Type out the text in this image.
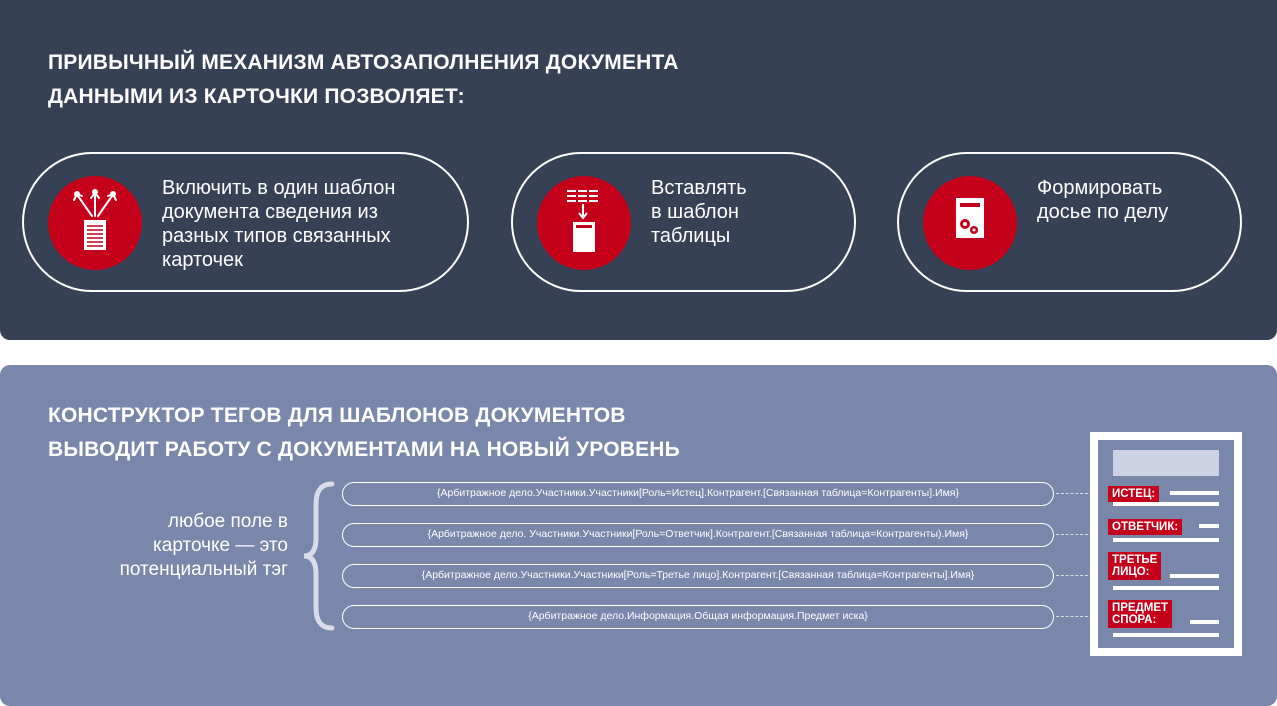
ПРИВЫЧНЫЙ МЕХАНИЗМ АВТОЗАПОЛНЕНИЯ ДОКУМЕНТА
ДАННЫМИ ИЗ КАРТОЧКИ ПОЗВОЛЯЕТ:
Включить в один шаблон
документа сведения из
разных типов связанных
карточек
Вставлять
в шаблон
таблицы
Формировать
досье по делу
КОНСТРУКТОР ТЕГОВ ДЛЯ ШАБЛОНОВ ДОКУМЕНТОВ
ВЫВОДИТ РАБОТУ С ДОКУМЕНТАМИ НА НОВЫЙ УРОВЕНЬ
любое поле в
карточке — это
потенциальный тэг
{Арбитражное дело.Участники.Участники[Роль=Истец].Контрагент.[Связанная таблица=Контрагенты].Имя}
{Арбитражное дело. Участники.Участники[Роль=Ответчик].Контрагент.[Связанная таблица=Контрагенты).Имя}
{Арбитражное дело.Участники.Участники[Роль=Третье лицо].Контрагент.[Связанная таблица=Контрагенты].Имя}
{Арбитражное дело.Информация.Общая информация.Предмет иска}
ИСТЕЦ:
ОТВЕТЧИК:
ТРЕТЬЕ
ЛИЦО:
ПРЕДМЕТ
СПОРА:
